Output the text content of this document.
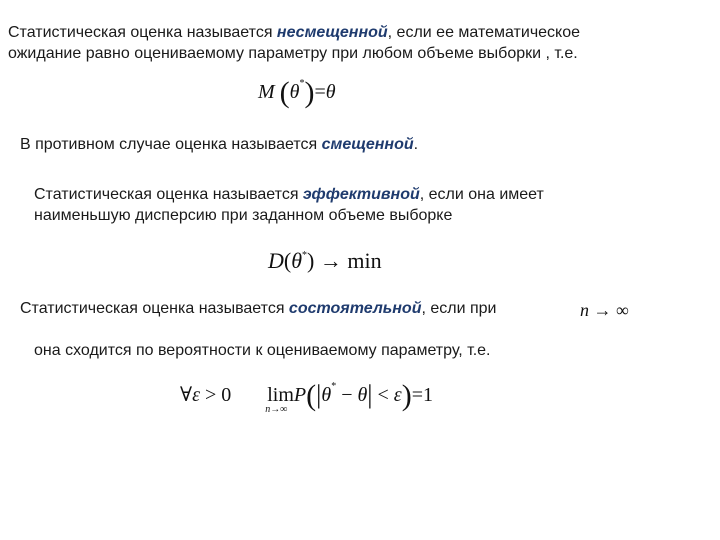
Статистическая оценка называется несмещенной, если ее математическое
ожидание равно оцениваемому параметру при любом объеме выборки , т.е.
M (θ*)=θ
В противном случае оценка называется смещенной.
Статистическая оценка называется эффективной, если она имеет
наименьшую дисперсию при заданном объеме выборке
D(θ*) → min
Статистическая оценка называется состоятельной, если при	n → ∞
она сходится по вероятности к оцениваемому параметру, т.е.
∀ε > 0 lim
n→∞
P(|θ* − θ| < ε)=1
